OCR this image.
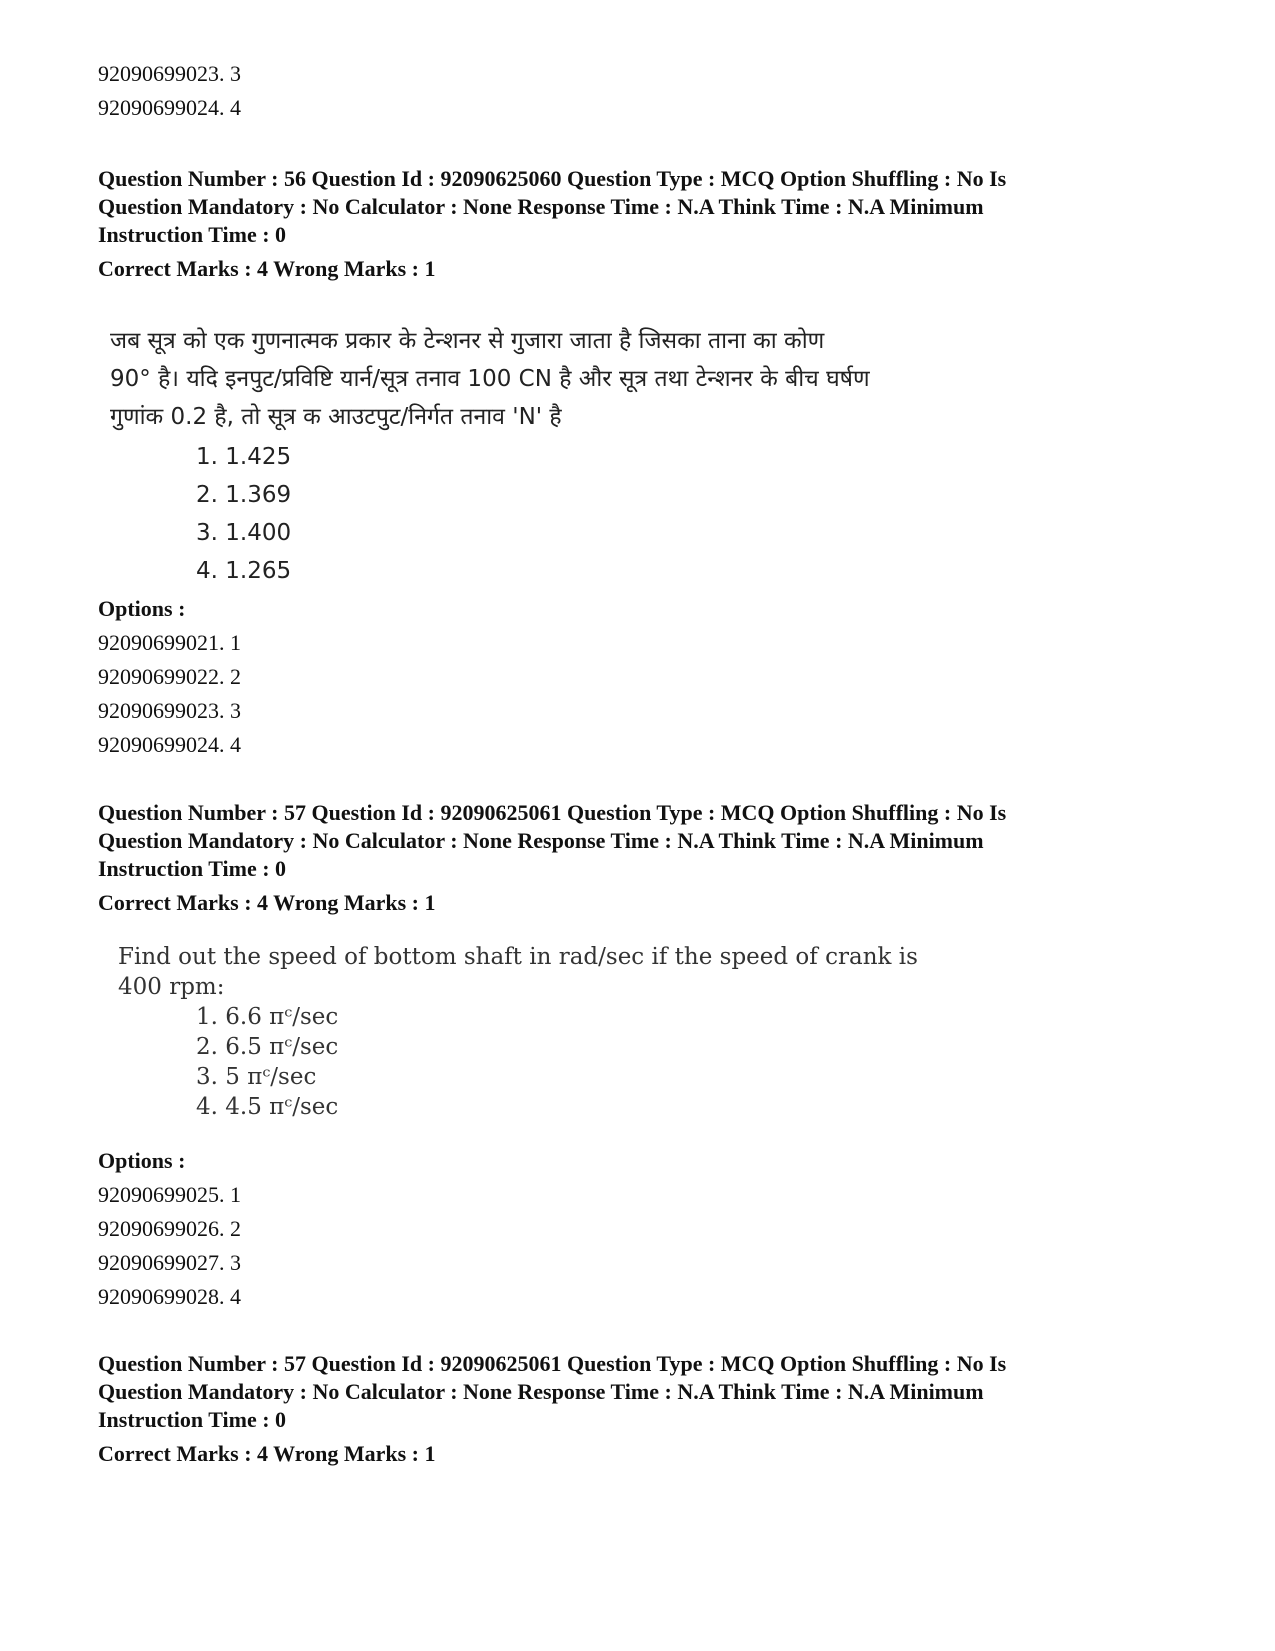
92090699023. 3
92090699024. 4
Question Number : 56 Question Id : 92090625060 Question Type : MCQ Option Shuffling : No Is
Question Mandatory : No Calculator : None Response Time : N.A Think Time : N.A Minimum
Instruction Time : 0
Correct Marks : 4 Wrong Marks : 1
जब सूत्र को एक गुणनात्मक प्रकार के टेन्शनर से गुजारा जाता है जिसका ताना का कोण
90° है। यदि इनपुट/प्रविष्टि यार्न/सूत्र तनाव 100 CN है और सूत्र तथा टेन्शनर के बीच घर्षण
गुणांक 0.2 है, तो सूत्र क आउटपुट/निर्गत तनाव 'N' है
1. 1.425
2. 1.369
3. 1.400
4. 1.265
Options :
92090699021. 1
92090699022. 2
92090699023. 3
92090699024. 4
Question Number : 57 Question Id : 92090625061 Question Type : MCQ Option Shuffling : No Is
Question Mandatory : No Calculator : None Response Time : N.A Think Time : N.A Minimum
Instruction Time : 0
Correct Marks : 4 Wrong Marks : 1
Find out the speed of bottom shaft in rad/sec if the speed of crank is
400 rpm:
1. 6.6 πᶜ/sec
2. 6.5 πᶜ/sec
3. 5 πᶜ/sec
4. 4.5 πᶜ/sec
Options :
92090699025. 1
92090699026. 2
92090699027. 3
92090699028. 4
Question Number : 57 Question Id : 92090625061 Question Type : MCQ Option Shuffling : No Is
Question Mandatory : No Calculator : None Response Time : N.A Think Time : N.A Minimum
Instruction Time : 0
Correct Marks : 4 Wrong Marks : 1
